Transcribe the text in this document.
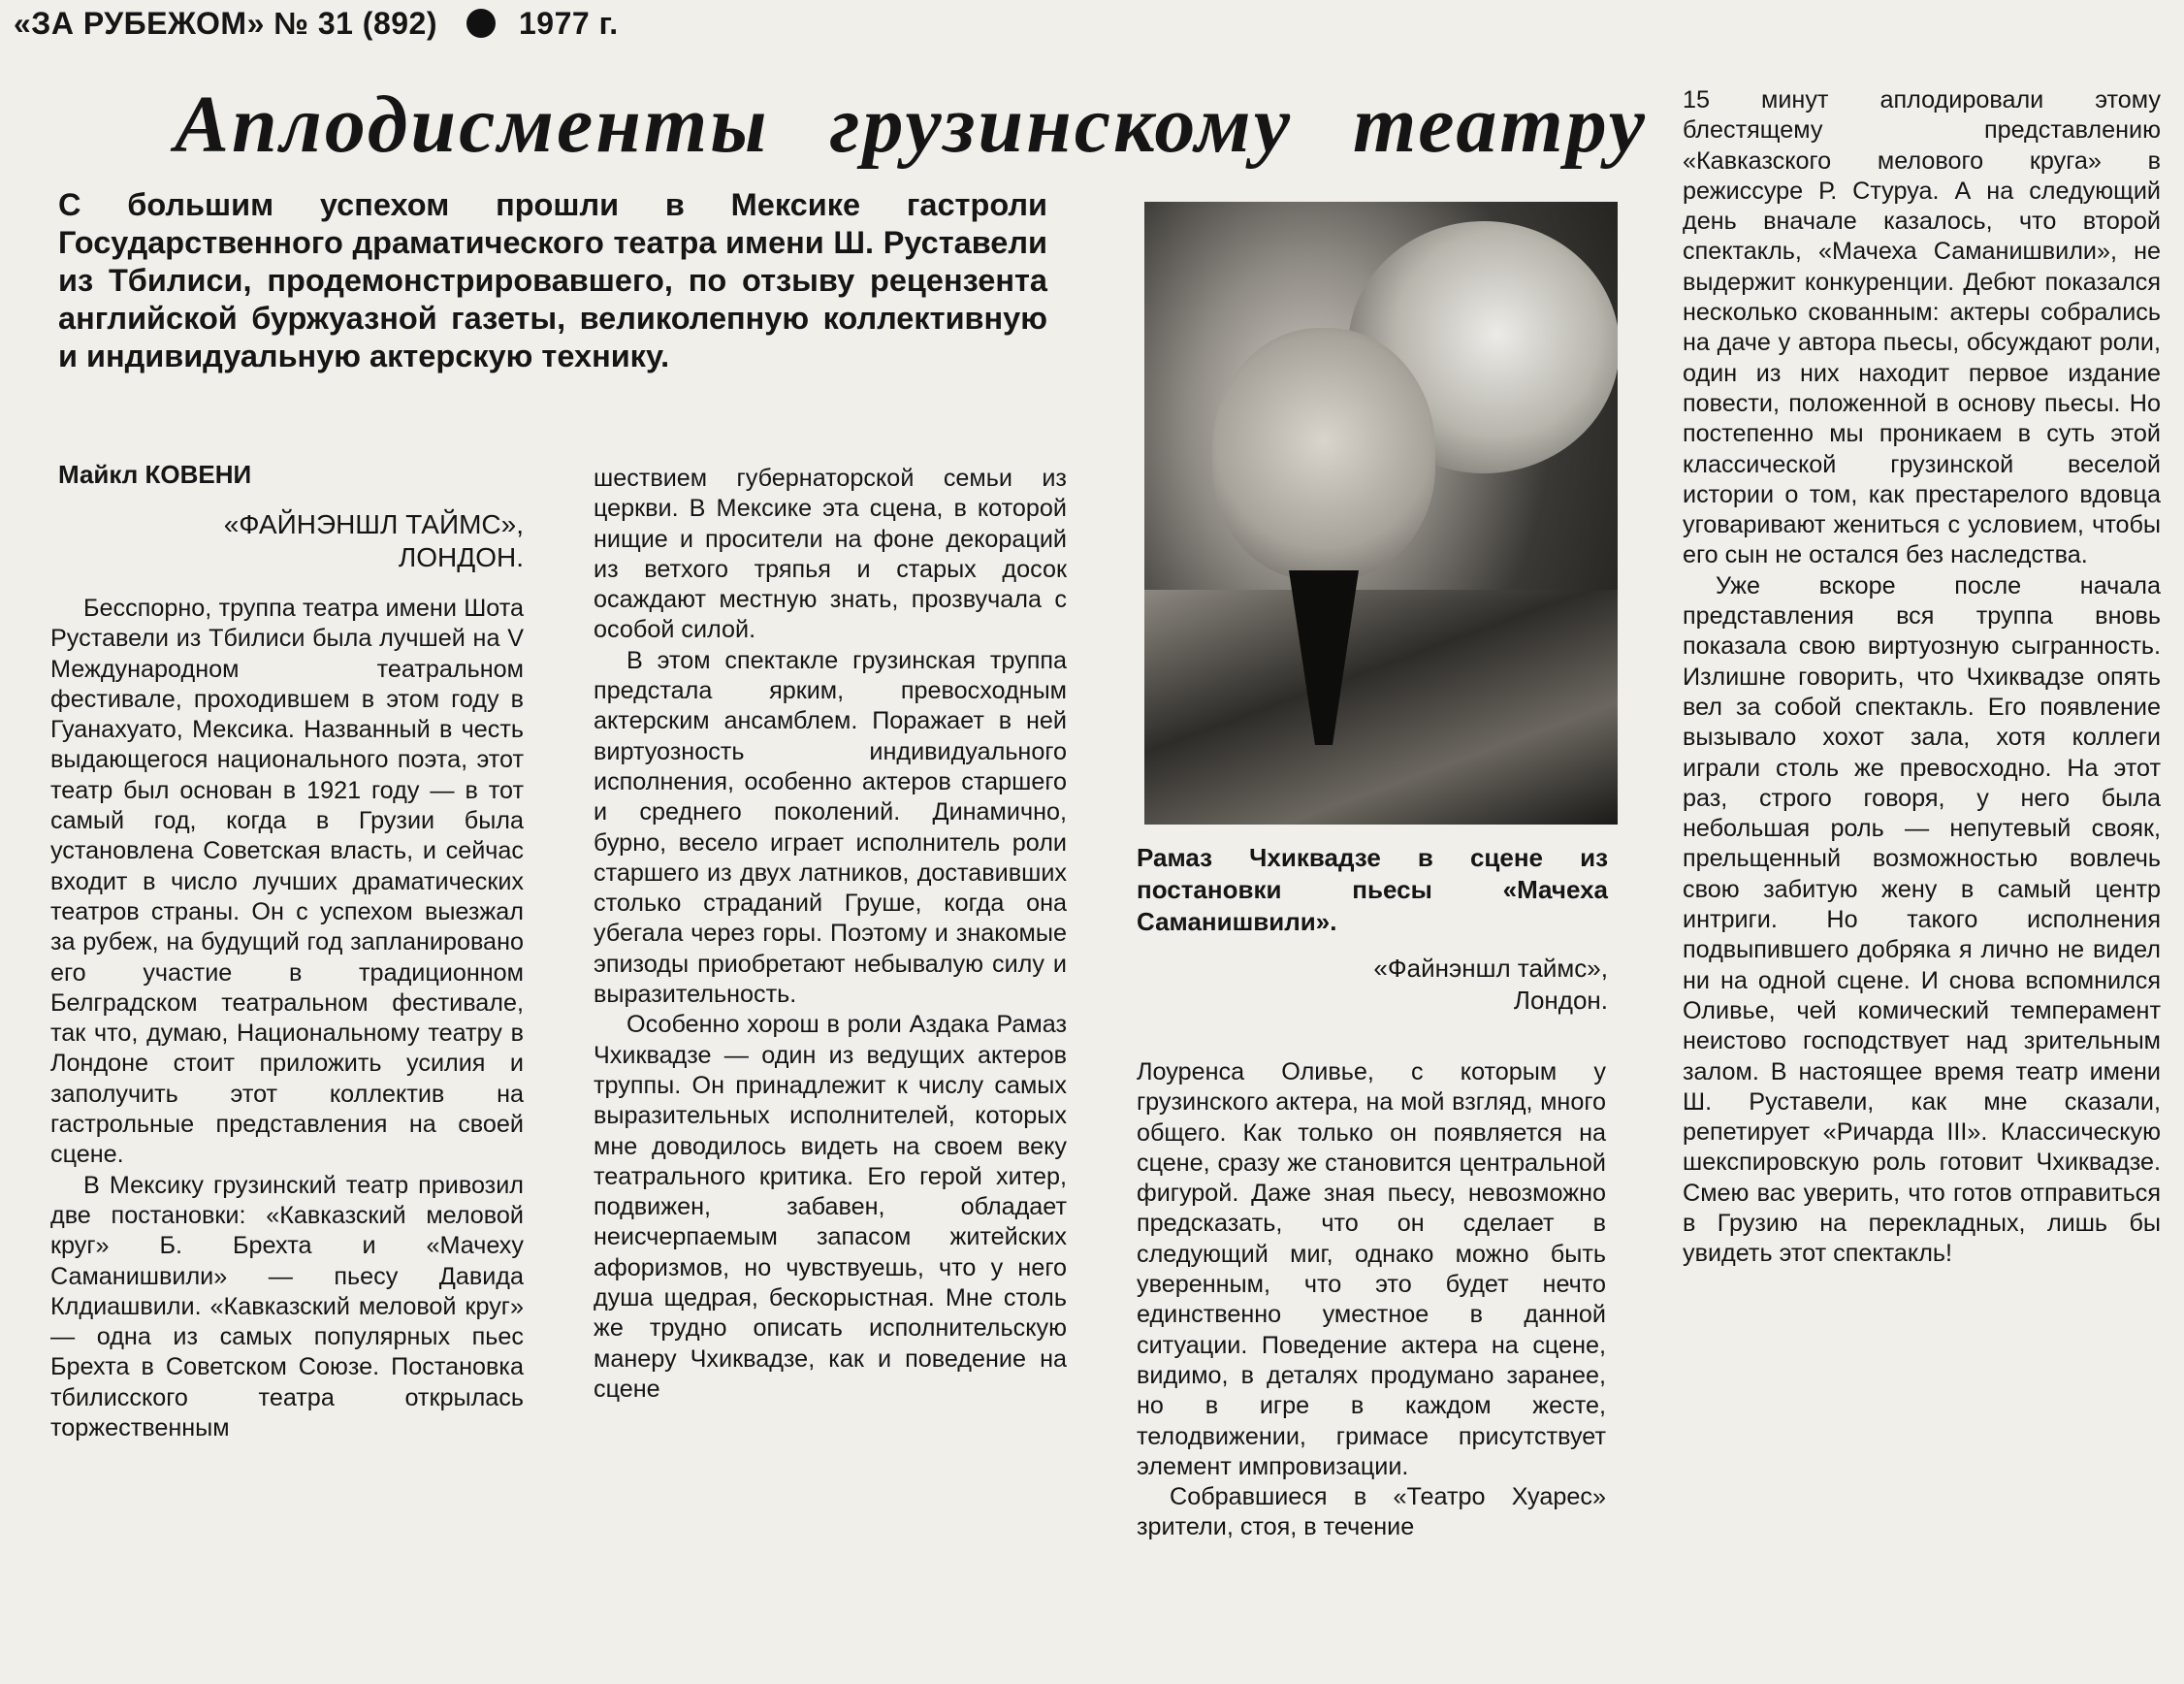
«ЗА РУБЕЖОМ» № 31 (892)	1977 г.
Аплодисменты грузинскому театру
С большим успехом прошли в Мексике гастроли Государственного драматического театра имени Ш. Руставели из Тбилиси, продемонстрировавшего, по отзыву рецензента английской буржуазной газеты, великолепную коллективную и индивидуальную актерскую технику.
Майкл КОВЕНИ
«ФАЙНЭНШЛ ТАЙМС»,
ЛОНДОН.

Бесспорно, труппа театра имени Шота Руставели из Тбилиси была лучшей на V Международном театральном фестивале, проходившем в этом году в Гуанахуато, Мексика. Названный в честь выдающегося национального поэта, этот театр был основан в 1921 году — в тот самый год, когда в Грузии была установлена Советская власть, и сейчас входит в число лучших драматических театров страны. Он с успехом выезжал за рубеж, на будущий год запланировано его участие в традиционном Белградском театральном фестивале, так что, думаю, Национальному театру в Лондоне стоит приложить усилия и заполучить этот коллектив на гастрольные представления на своей сцене.

В Мексику грузинский театр привозил две постановки: «Кавказский меловой круг» Б. Брехта и «Мачеху Саманишвили» — пьесу Давида Клдиашвили. «Кавказский меловой круг» — одна из самых популярных пьес Брехта в Советском Союзе. Постановка тбилисского театра открылась торжественным

шествием губернаторской семьи из церкви. В Мексике эта сцена, в которой нищие и просители на фоне декораций из ветхого тряпья и старых досок осаждают местную знать, прозвучала с особой силой.

В этом спектакле грузинская труппа предстала ярким, превосходным актерским ансамблем. Поражает в ней виртуозность индивидуального исполнения, особенно актеров старшего и среднего поколений. Динамично, бурно, весело играет исполнитель роли старшего из двух латников, доставивших столько страданий Груше, когда она убегала через горы. Поэтому и знакомые эпизоды приобретают небывалую силу и выразительность.

Особенно хорош в роли Аздака Рамаз Чхиквадзе — один из ведущих актеров труппы. Он принадлежит к числу самых выразительных исполнителей, которых мне доводилось видеть на своем веку театрального критика. Его герой хитер, подвижен, забавен, обладает неисчерпаемым запасом житейских афоризмов, но чувствуешь, что у него душа щедрая, бескорыстная. Мне столь же трудно описать исполнительскую манеру Чхиквадзе, как и поведение на сцене

Рамаз Чхиквадзе в сцене из постановки пьесы «Мачеха Саманишвили».
«Файнэншл таймс»,
Лондон.

Лоуренса Оливье, с которым у грузинского актера, на мой взгляд, много общего. Как только он появляется на сцене, сразу же становится центральной фигурой. Даже зная пьесу, невозможно предсказать, что он сделает в следующий миг, однако можно быть уверенным, что это будет нечто единственно уместное в данной ситуации. Поведение актера на сцене, видимо, в деталях продумано заранее, но в игре в каждом жесте, телодвижении, гримасе присутствует элемент импровизации.

Собравшиеся в «Театро Хуарес» зрители, стоя, в течение

15 минут аплодировали этому блестящему представлению «Кавказского мелового круга» в режиссуре Р. Стуруа. А на следующий день вначале казалось, что второй спектакль, «Мачеха Саманишвили», не выдержит конкуренции. Дебют показался несколько скованным: актеры собрались на даче у автора пьесы, обсуждают роли, один из них находит первое издание повести, положенной в основу пьесы. Но постепенно мы проникаем в суть этой классической грузинской веселой истории о том, как престарелого вдовца уговаривают жениться с условием, чтобы его сын не остался без наследства.

Уже вскоре после начала представления вся труппа вновь показала свою виртуозную сыгранность. Излишне говорить, что Чхиквадзе опять вел за собой спектакль. Его появление вызывало хохот зала, хотя коллеги играли столь же превосходно. На этот раз, строго говоря, у него была небольшая роль — непутевый свояк, прельщенный возможностью вовлечь свою забитую жену в самый центр интриги. Но такого исполнения подвыпившего добряка я лично не видел ни на одной сцене. И снова вспомнился Оливье, чей комический темперамент неистово господствует над зрительным залом. В настоящее время театр имени Ш. Руставели, как мне сказали, репетирует «Ричарда III». Классическую шекспировскую роль готовит Чхиквадзе. Смею вас уверить, что готов отправиться в Грузию на перекладных, лишь бы увидеть этот спектакль!
